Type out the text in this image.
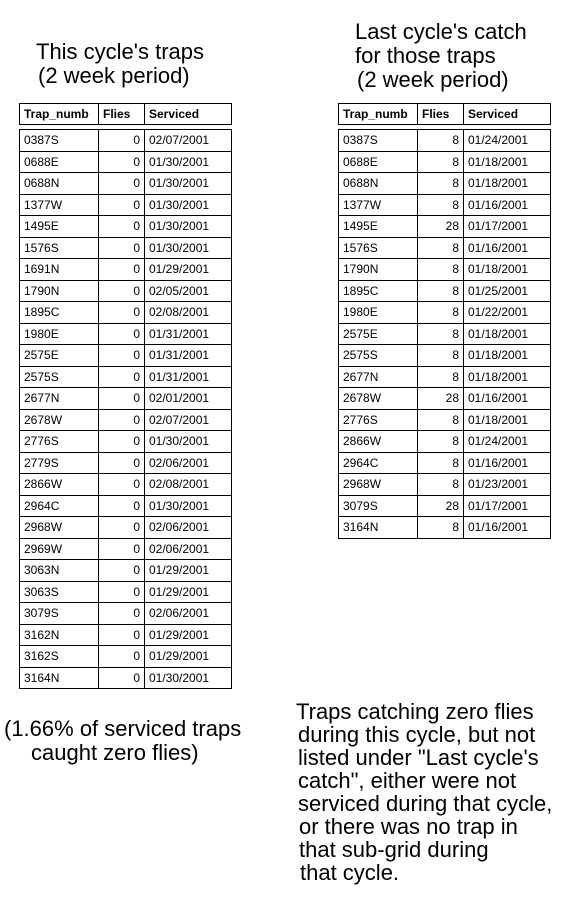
This cycle's traps
(2 week period)
Last cycle's catch
for those traps
(2 week period)
Trap_numb	Flies	Serviced
0387S	0	02/07/2001
0688E	0	01/30/2001
0688N	0	01/30/2001
1377W	0	01/30/2001
1495E	0	01/30/2001
1576S	0	01/30/2001
1691N	0	01/29/2001
1790N	0	02/05/2001
1895C	0	02/08/2001
1980E	0	01/31/2001
2575E	0	01/31/2001
2575S	0	01/31/2001
2677N	0	02/01/2001
2678W	0	02/07/2001
2776S	0	01/30/2001
2779S	0	02/06/2001
2866W	0	02/08/2001
2964C	0	01/30/2001
2968W	0	02/06/2001
2969W	0	02/06/2001
3063N	0	01/29/2001
3063S	0	01/29/2001
3079S	0	02/06/2001
3162N	0	01/29/2001
3162S	0	01/29/2001
3164N	0	01/30/2001
Trap_numb	Flies	Serviced
0387S	8	01/24/2001
0688E	8	01/18/2001
0688N	8	01/18/2001
1377W	8	01/16/2001
1495E	28	01/17/2001
1576S	8	01/16/2001
1790N	8	01/18/2001
1895C	8	01/25/2001
1980E	8	01/22/2001
2575E	8	01/18/2001
2575S	8	01/18/2001
2677N	8	01/18/2001
2678W	28	01/16/2001
2776S	8	01/18/2001
2866W	8	01/24/2001
2964C	8	01/16/2001
2968W	8	01/23/2001
3079S	28	01/17/2001
3164N	8	01/16/2001
(1.66% of serviced traps
caught zero flies)
Traps catching zero flies
during this cycle, but not
listed under "Last cycle's
catch", either were not
serviced during that cycle,
or there was no trap in
that sub-grid during
that cycle.
